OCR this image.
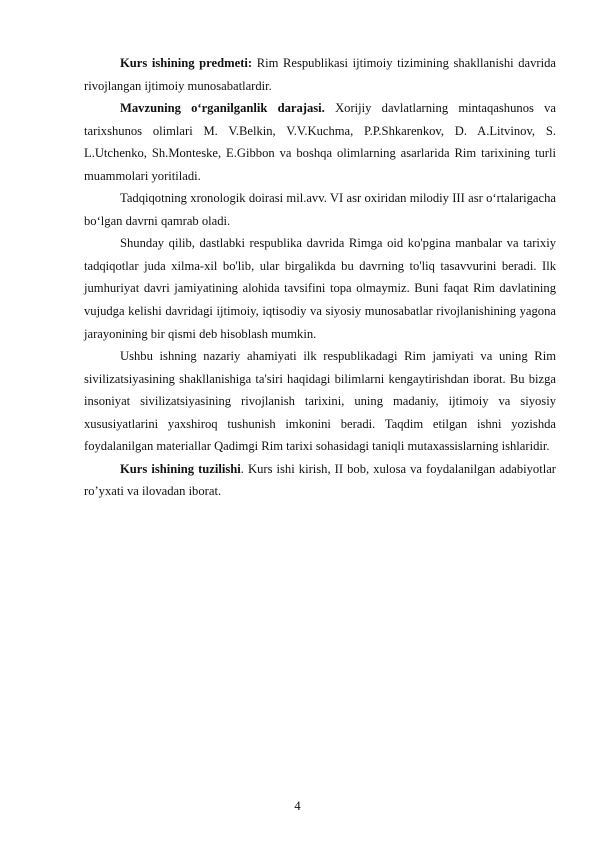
Kurs ishining predmeti: Rim Respublikasi ijtimoiy tizimining shakllanishi davrida rivojlangan ijtimoiy munosabatlardir.

Mavzuning o‘rganilganlik darajasi. Xorijiy davlatlarning mintaqashunos va tarixshunos olimlari M. V.Belkin, V.V.Kuchma, P.P.Shkarenkov, D. A.Litvinov, S. L.Utchenko, Sh.Monteske, E.Gibbon va boshqa olimlarning asarlarida Rim tarixining turli muammolari yoritiladi.

Tadqiqotning xronologik doirasi mil.avv. VI asr oxiridan milodiy III asr oʻrtalarigacha boʻlgan davrni qamrab oladi.

Shunday qilib, dastlabki respublika davrida Rimga oid ko'pgina manbalar va tarixiy tadqiqotlar juda xilma-xil bo'lib, ular birgalikda bu davrning to'liq tasavvurini beradi. Ilk jumhuriyat davri jamiyatining alohida tavsifini topa olmaymiz. Buni faqat Rim davlatining vujudga kelishi davridagi ijtimoiy, iqtisodiy va siyosiy munosabatlar rivojlanishining yagona jarayonining bir qismi deb hisoblash mumkin.

Ushbu ishning nazariy ahamiyati ilk respublikadagi Rim jamiyati va uning Rim sivilizatsiyasining shakllanishiga ta'siri haqidagi bilimlarni kengaytirishdan iborat. Bu bizga insoniyat sivilizatsiyasining rivojlanish tarixini, uning madaniy, ijtimoiy va siyosiy xususiyatlarini yaxshiroq tushunish imkonini beradi. Taqdim etilgan ishni yozishda foydalanilgan materiallar Qadimgi Rim tarixi sohasidagi taniqli mutaxassislarning ishlaridir.

Kurs ishining tuzilishi. Kurs ishi kirish, II bob, xulosa va foydalanilgan adabiyotlar ro’yxati va ilovadan iborat.

4
